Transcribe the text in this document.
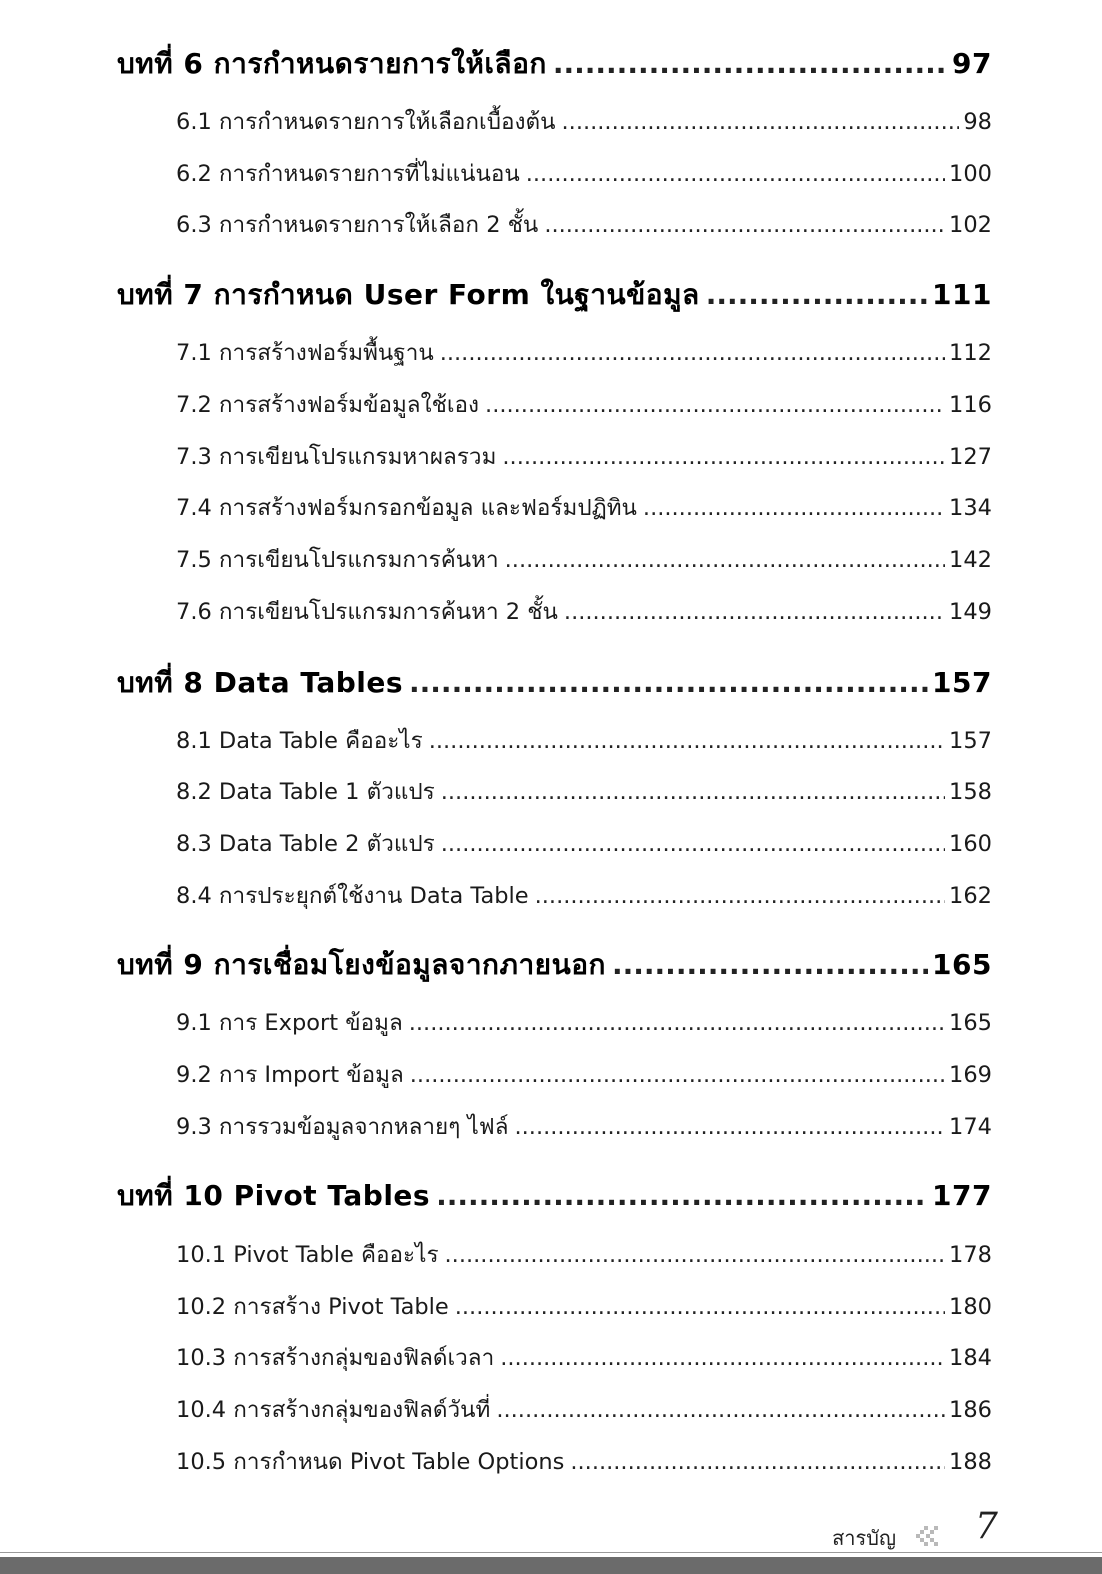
บทที่ 6 การกำหนดรายการให้เลือก .....	97
6.1 การกำหนดรายการให้เลือกเบื้องต้น .....	98
6.2 การกำหนดรายการที่ไม่แน่นอน .....	100
6.3 การกำหนดรายการให้เลือก 2 ชั้น .....	102
บทที่ 7 การกำหนด User Form ในฐานข้อมูล .....	111
7.1 การสร้างฟอร์มพื้นฐาน .....	112
7.2 การสร้างฟอร์มข้อมูลใช้เอง .....	116
7.3 การเขียนโปรแกรมหาผลรวม .....	127
7.4 การสร้างฟอร์มกรอกข้อมูล และฟอร์มปฏิทิน .....	134
7.5 การเขียนโปรแกรมการค้นหา .....	142
7.6 การเขียนโปรแกรมการค้นหา 2 ชั้น .....	149
บทที่ 8 Data Tables .....	157
8.1 Data Table คืออะไร .....	157
8.2 Data Table 1 ตัวแปร .....	158
8.3 Data Table 2 ตัวแปร .....	160
8.4 การประยุกต์ใช้งาน Data Table .....	162
บทที่ 9 การเชื่อมโยงข้อมูลจากภายนอก .....	165
9.1 การ Export ข้อมูล .....	165
9.2 การ Import ข้อมูล .....	169
9.3 การรวมข้อมูลจากหลายๆ ไฟล์ .....	174
บทที่ 10 Pivot Tables .....	177
10.1 Pivot Table คืออะไร .....	178
10.2 การสร้าง Pivot Table .....	180
10.3 การสร้างกลุ่มของฟิลด์เวลา .....	184
10.4 การสร้างกลุ่มของฟิลด์วันที่ .....	186
10.5 การกำหนด Pivot Table Options .....	188
สารบัญ 7
